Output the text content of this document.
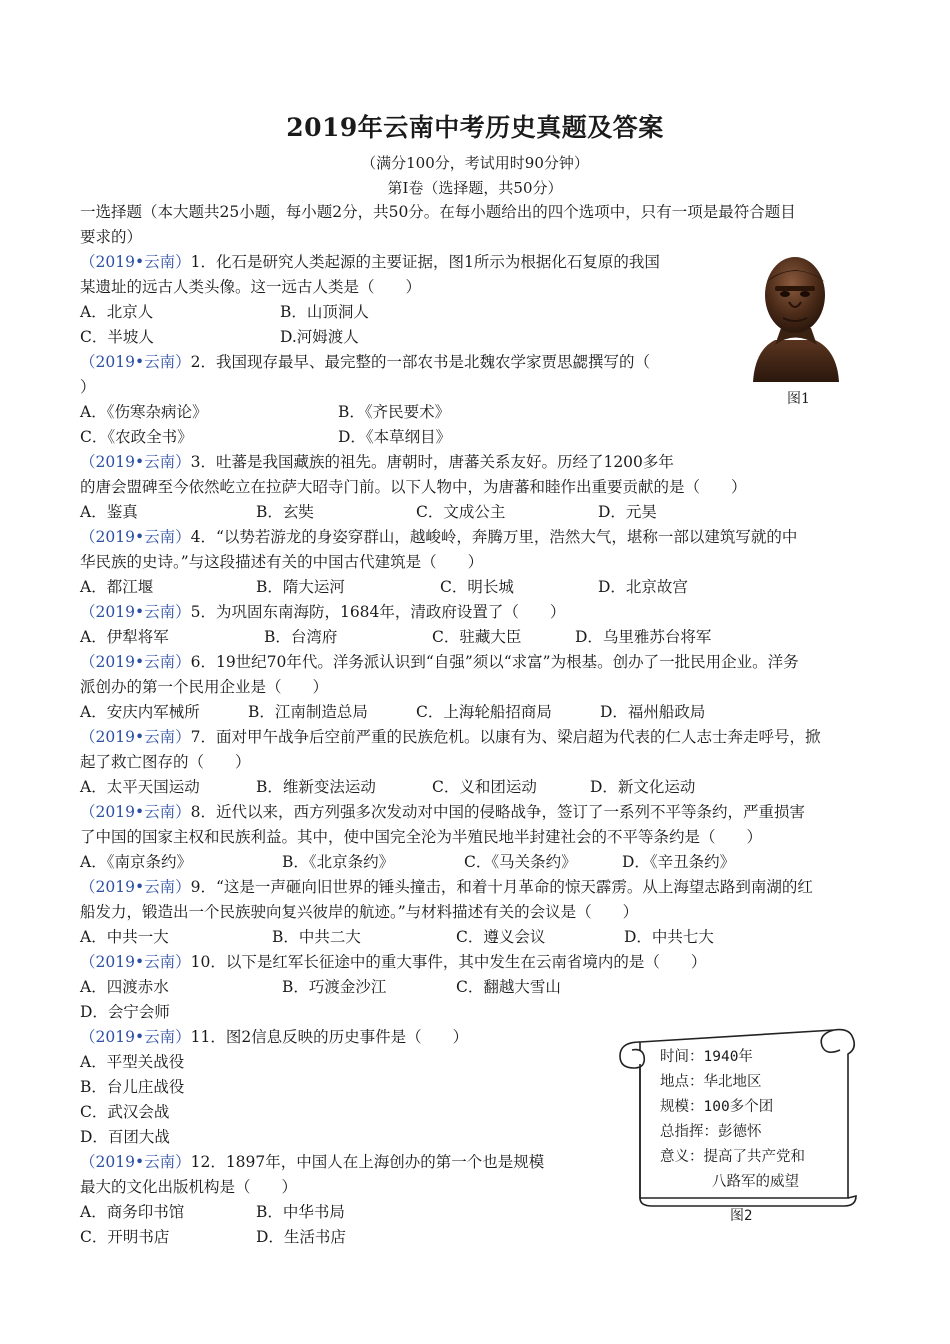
2019年云南中考历史真题及答案
（满分100分，考试用时90分钟）
第Ⅰ卷（选择题，共50分）
一选择题（本大题共25小题，每小题2分，共50分。在每小题给出的四个选项中，只有一项是最符合题目
要求的）
（2019•云南）1．化石是研究人类起源的主要证据，图1所示为根据化石复原的我国
某遗址的远古人类头像。这一远古人类是（　　）
A．北京人	B．山顶洞人
C．半坡人	D.河姆渡人
图1
（2019•云南）2．我国现存最早、最完整的一部农书是北魏农学家贾思勰撰写的（
）
A．《伤寒杂病论》	B．《齐民要术》
C．《农政全书》	D．《本草纲目》
（2019•云南）3．吐蕃是我国藏族的祖先。唐朝时，唐蕃关系友好。历经了1200多年
的唐会盟碑至今依然屹立在拉萨大昭寺门前。以下人物中，为唐蕃和睦作出重要贡献的是（　　）
A．鉴真	B．玄奘	C．文成公主	D．元昊
（2019•云南）4．“以势若游龙的身姿穿群山，越峻岭，奔腾万里，浩然大气，堪称一部以建筑写就的中
华民族的史诗。”与这段描述有关的中国古代建筑是（　　）
A．都江堰	B．隋大运河	C．明长城	D．北京故宫
（2019•云南）5．为巩固东南海防，1684年，清政府设置了（　　）
A．伊犁将军	B．台湾府	C．驻藏大臣	D．乌里雅苏台将军
（2019•云南）6．19世纪70年代。洋务派认识到“自强”须以“求富”为根基。创办了一批民用企业。洋务
派创办的第一个民用企业是（　　）
A．安庆内军械所	B．江南制造总局	C．上海轮船招商局	D．福州船政局
（2019•云南）7．面对甲午战争后空前严重的民族危机。以康有为、梁启超为代表的仁人志士奔走呼号，掀
起了救亡图存的（　　）
A．太平天国运动	B．维新变法运动	C．义和团运动	D．新文化运动
（2019•云南）8．近代以来，西方列强多次发动对中国的侵略战争，签订了一系列不平等条约，严重损害
了中国的国家主权和民族利益。其中，使中国完全沦为半殖民地半封建社会的不平等条约是（　　）
A．《南京条约》	B．《北京条约》	C．《马关条约》	D．《辛丑条约》
（2019•云南）9．“这是一声砸向旧世界的锤头撞击，和着十月革命的惊天霹雳。从上海望志路到南湖的红
船发力，锻造出一个民族驶向复兴彼岸的航迹。”与材料描述有关的会议是（　　）
A．中共一大	B．中共二大	C．遵义会议	D．中共七大
（2019•云南）10．以下是红军长征途中的重大事件，其中发生在云南省境内的是（　　）
A．四渡赤水	B．巧渡金沙江	C．翻越大雪山
D．会宁会师
（2019•云南）11．图2信息反映的历史事件是（　　）
A．平型关战役
B．台儿庄战役
C．武汉会战
D．百团大战
（2019•云南）12．1897年，中国人在上海创办的第一个也是规模
最大的文化出版机构是（　　）
A．商务印书馆	B．中华书局
C．开明书店	D．生活书店
时间：1940年
地点：华北地区
规模：100多个团
总指挥：彭德怀
意义：提高了共产党和
八路军的威望
图2
